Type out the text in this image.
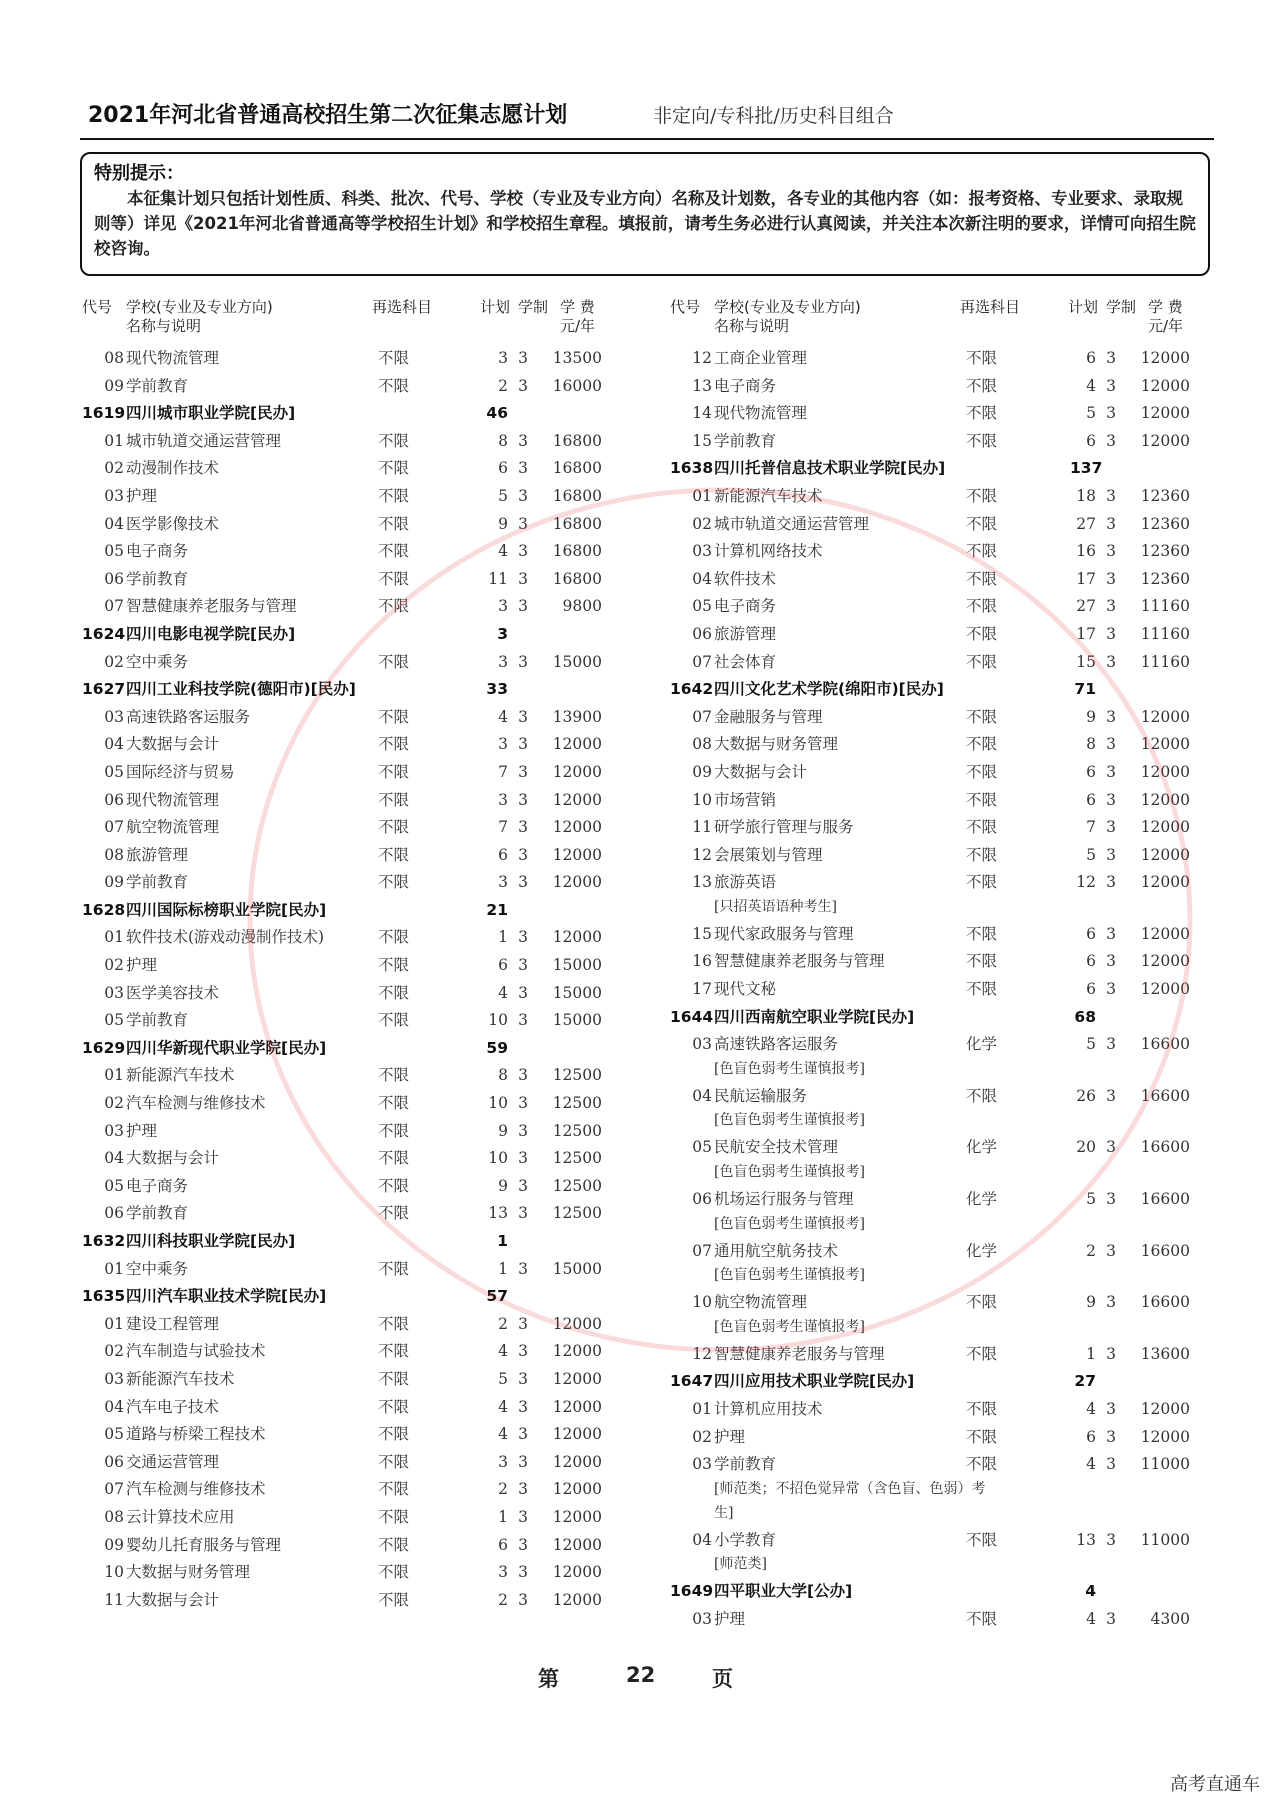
2021年河北省普通高校招生第二次征集志愿计划	非定向/专科批/历史科目组合
特别提示：
本征集计划只包括计划性质、科类、批次、代号、学校（专业及专业方向）名称及计划数，各专业的其他内容（如：报考资格、专业要求、录取规则等）详见《2021年河北省普通高等学校招生计划》和学校招生章程。填报前，请考生务必进行认真阅读，并关注本次新注明的要求，详情可向招生院校咨询。
代号 学校(专业及专业方向)
名称与说明
再选科目	计划 学制 学 费
元/年
08 现代物流管理	不限	3 3	13500
09 学前教育	不限	2 3	16000
1619 四川城市职业学院[民办]	46
01 城市轨道交通运营管理	不限	8 3	16800
02 动漫制作技术	不限	6 3	16800
03 护理	不限	5 3	16800
04 医学影像技术	不限	9 3	16800
05 电子商务	不限	4 3	16800
06 学前教育	不限	11 3	16800
07 智慧健康养老服务与管理	不限	3 3	9800
1624 四川电影电视学院[民办]	3
02 空中乘务	不限	3 3	15000
1627 四川工业科技学院(德阳市)[民办]	33
03 高速铁路客运服务	不限	4 3	13900
04 大数据与会计	不限	3 3	12000
05 国际经济与贸易	不限	7 3	12000
06 现代物流管理	不限	3 3	12000
07 航空物流管理	不限	7 3	12000
08 旅游管理	不限	6 3	12000
09 学前教育	不限	3 3	12000
1628 四川国际标榜职业学院[民办]	21
01 软件技术(游戏动漫制作技术)	不限	1 3	12000
02 护理	不限	6 3	15000
03 医学美容技术	不限	4 3	15000
05 学前教育	不限	10 3	15000
1629 四川华新现代职业学院[民办]	59
01 新能源汽车技术	不限	8 3	12500
02 汽车检测与维修技术	不限	10 3	12500
03 护理	不限	9 3	12500
04 大数据与会计	不限	10 3	12500
05 电子商务	不限	9 3	12500
06 学前教育	不限	13 3	12500
1632 四川科技职业学院[民办]	1
01 空中乘务	不限	1 3	15000
1635 四川汽车职业技术学院[民办]	57
01 建设工程管理	不限	2 3	12000
02 汽车制造与试验技术	不限	4 3	12000
03 新能源汽车技术	不限	5 3	12000
04 汽车电子技术	不限	4 3	12000
05 道路与桥梁工程技术	不限	4 3	12000
06 交通运营管理	不限	3 3	12000
07 汽车检测与维修技术	不限	2 3	12000
08 云计算技术应用	不限	1 3	12000
09 婴幼儿托育服务与管理	不限	6 3	12000
10 大数据与财务管理	不限	3 3	12000
11 大数据与会计	不限	2 3	12000
代号 学校(专业及专业方向)
名称与说明
再选科目	计划 学制 学 费
元/年
12 工商企业管理	不限	6 3	12000
13 电子商务	不限	4 3	12000
14 现代物流管理	不限	5 3	12000
15 学前教育	不限	6 3	12000
1638 四川托普信息技术职业学院[民办]	137
01 新能源汽车技术	不限	18 3	12360
02 城市轨道交通运营管理	不限	27 3	12360
03 计算机网络技术	不限	16 3	12360
04 软件技术	不限	17 3	12360
05 电子商务	不限	27 3	11160
06 旅游管理	不限	17 3	11160
07 社会体育	不限	15 3	11160
1642 四川文化艺术学院(绵阳市)[民办]	71
07 金融服务与管理	不限	9 3	12000
08 大数据与财务管理	不限	8 3	12000
09 大数据与会计	不限	6 3	12000
10 市场营销	不限	6 3	12000
11 研学旅行管理与服务	不限	7 3	12000
12 会展策划与管理	不限	5 3	12000
13 旅游英语	不限	12 3	12000
[只招英语语种考生]
15 现代家政服务与管理	不限	6 3	12000
16 智慧健康养老服务与管理	不限	6 3	12000
17 现代文秘	不限	6 3	12000
1644 四川西南航空职业学院[民办]	68
03 高速铁路客运服务	化学	5 3	16600
[色盲色弱考生谨慎报考]
04 民航运输服务	不限	26 3	16600
[色盲色弱考生谨慎报考]
05 民航安全技术管理	化学	20 3	16600
[色盲色弱考生谨慎报考]
06 机场运行服务与管理	化学	5 3	16600
[色盲色弱考生谨慎报考]
07 通用航空航务技术	化学	2 3	16600
[色盲色弱考生谨慎报考]
10 航空物流管理	不限	9 3	16600
[色盲色弱考生谨慎报考]
12 智慧健康养老服务与管理	不限	1 3	13600
1647 四川应用技术职业学院[民办]	27
01 计算机应用技术	不限	4 3	12000
02 护理	不限	6 3	12000
03 学前教育	不限	4 3	11000
[师范类；不招色觉异常（含色盲、色弱）考
生]
04 小学教育	不限	13 3	11000
[师范类]
1649 四平职业大学[公办]	4
03 护理	不限	4 3	4300
第	22	页
高考直通车
